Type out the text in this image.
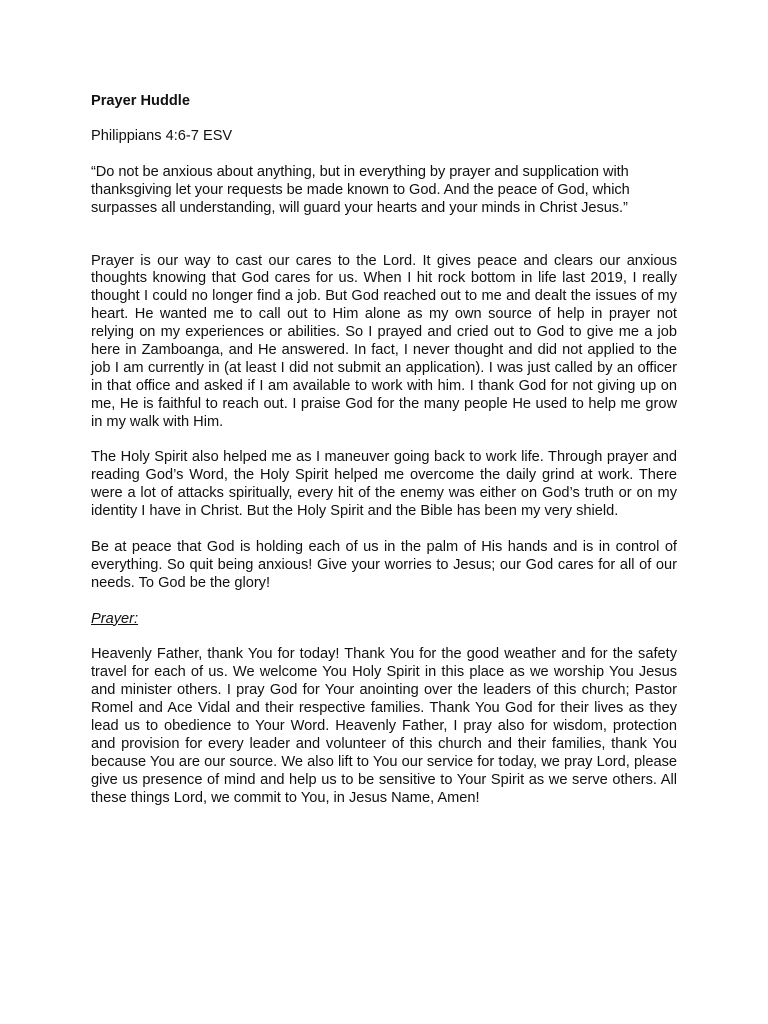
Prayer Huddle
Philippians 4:6-7 ESV
“Do not be anxious about anything, but in everything by prayer and supplication with thanksgiving let your requests be made known to God. And the peace of God, which surpasses all understanding, will guard your hearts and your minds in Christ Jesus.”
Prayer is our way to cast our cares to the Lord. It gives peace and clears our anxious thoughts knowing that God cares for us. When I hit rock bottom in life last 2019, I really thought I could no longer find a job. But God reached out to me and dealt the issues of my heart. He wanted me to call out to Him alone as my own source of help in prayer not relying on my experiences or abilities. So I prayed and cried out to God to give me a job here in Zamboanga, and He answered. In fact, I never thought and did not applied to the job I am currently in (at least I did not submit an application). I was just called by an officer in that office and asked if I am available to work with him. I thank God for not giving up on me, He is faithful to reach out. I praise God for the many people He used to help me grow in my walk with Him.
The Holy Spirit also helped me as I maneuver going back to work life. Through prayer and reading God’s Word, the Holy Spirit helped me overcome the daily grind at work. There were a lot of attacks spiritually, every hit of the enemy was either on God’s truth or on my identity I have in Christ. But the Holy Spirit and the Bible has been my very shield.
Be at peace that God is holding each of us in the palm of His hands and is in control of everything. So quit being anxious! Give your worries to Jesus; our God cares for all of our needs. To God be the glory!
Prayer:
Heavenly Father, thank You for today! Thank You for the good weather and for the safety travel for each of us. We welcome You Holy Spirit in this place as we worship You Jesus and minister others. I pray God for Your anointing over the leaders of this church; Pastor Romel and Ace Vidal and their respective families. Thank You God for their lives as they lead us to obedience to Your Word. Heavenly Father, I pray also for wisdom, protection and provision for every leader and volunteer of this church and their families, thank You because You are our source. We also lift to You our service for today, we pray Lord, please give us presence of mind and help us to be sensitive to Your Spirit as we serve others. All these things Lord, we commit to You, in Jesus Name, Amen!
